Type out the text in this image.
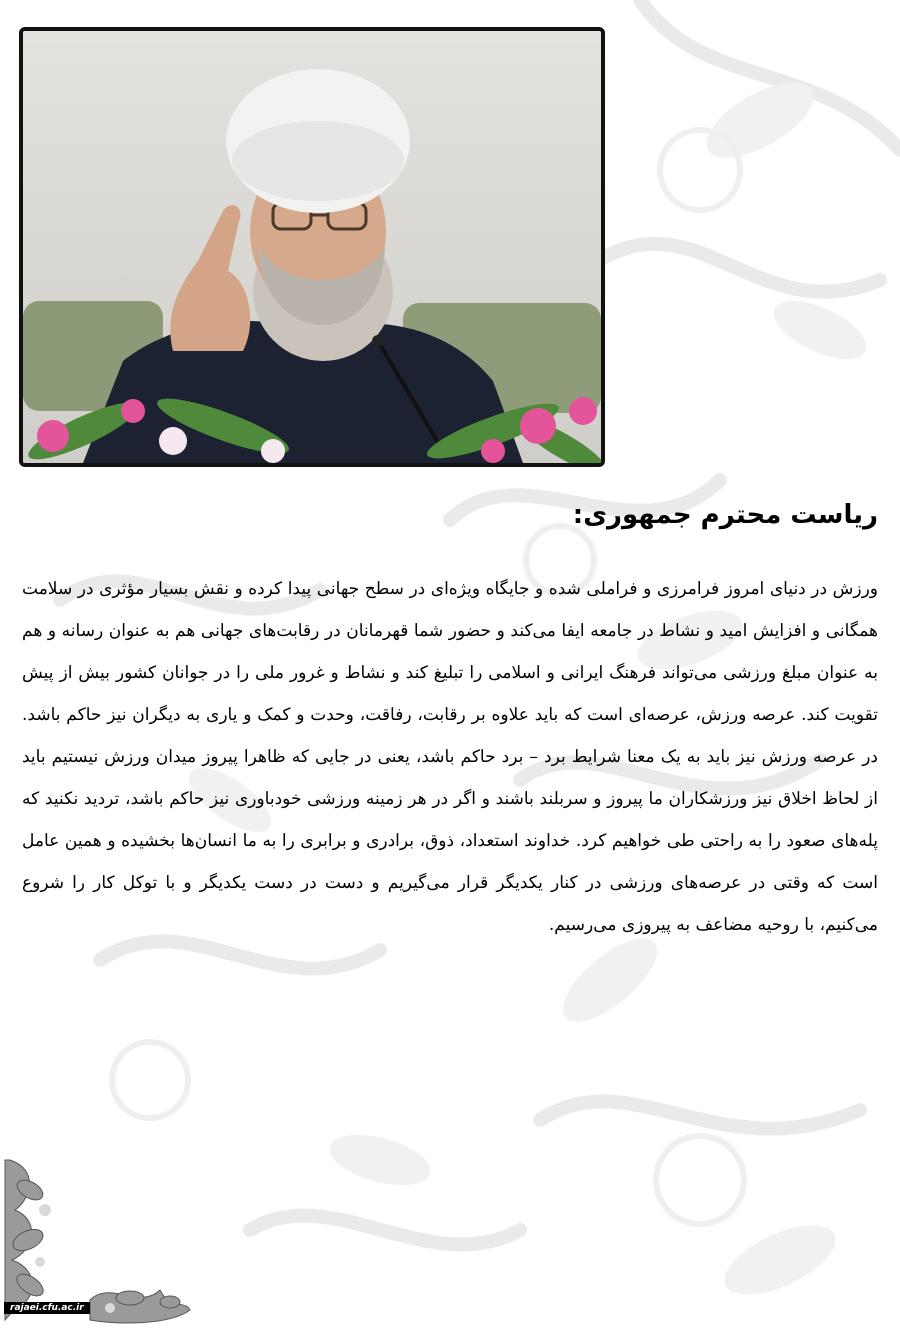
ریاست محترم جمهوری:

ورزش در دنیای امروز فرامرزی و فراملی شده و جایگاه ویژه‌ای در سطح جهانی پیدا کرده و نقش بسیار مؤثری در سلامت همگانی و افزایش امید و نشاط در جامعه ایفا می‌کند و حضور شما قهرمانان در رقابت‌های جهانی هم به عنوان رسانه و هم به عنوان مبلغ ورزشی می‌تواند فرهنگ ایرانی و اسلامی را تبلیغ کند و نشاط و غرور ملی را در جوانان کشور بیش از پیش تقویت کند. عرصه ورزش، عرصه‌ای است که باید علاوه بر رقابت، رفاقت، وحدت و کمک و یاری به دیگران نیز حاکم باشد. در عرصه ورزش نیز باید به یک معنا شرایط برد – برد حاکم باشد، یعنی در جایی که ظاهرا پیروز میدان ورزش نیستیم باید از لحاظ اخلاق نیز ورزشکاران ما پیروز و سربلند باشند و اگر در هر زمینه ورزشی خودباوری نیز حاکم باشد، تردید نکنید که پله‌های صعود را به راحتی طی خواهیم کرد. خداوند استعداد، ذوق، برادری و برابری را به ما انسان‌ها بخشیده و همین عامل است که وقتی در عرصه‌های ورزشی در کنار یکدیگر قرار می‌گیریم و دست در دست یکدیگر و با توکل کار را شروع می‌کنیم، با روحیه مضاعف به پیروزی می‌رسیم.

rajaei.cfu.ac.ir
